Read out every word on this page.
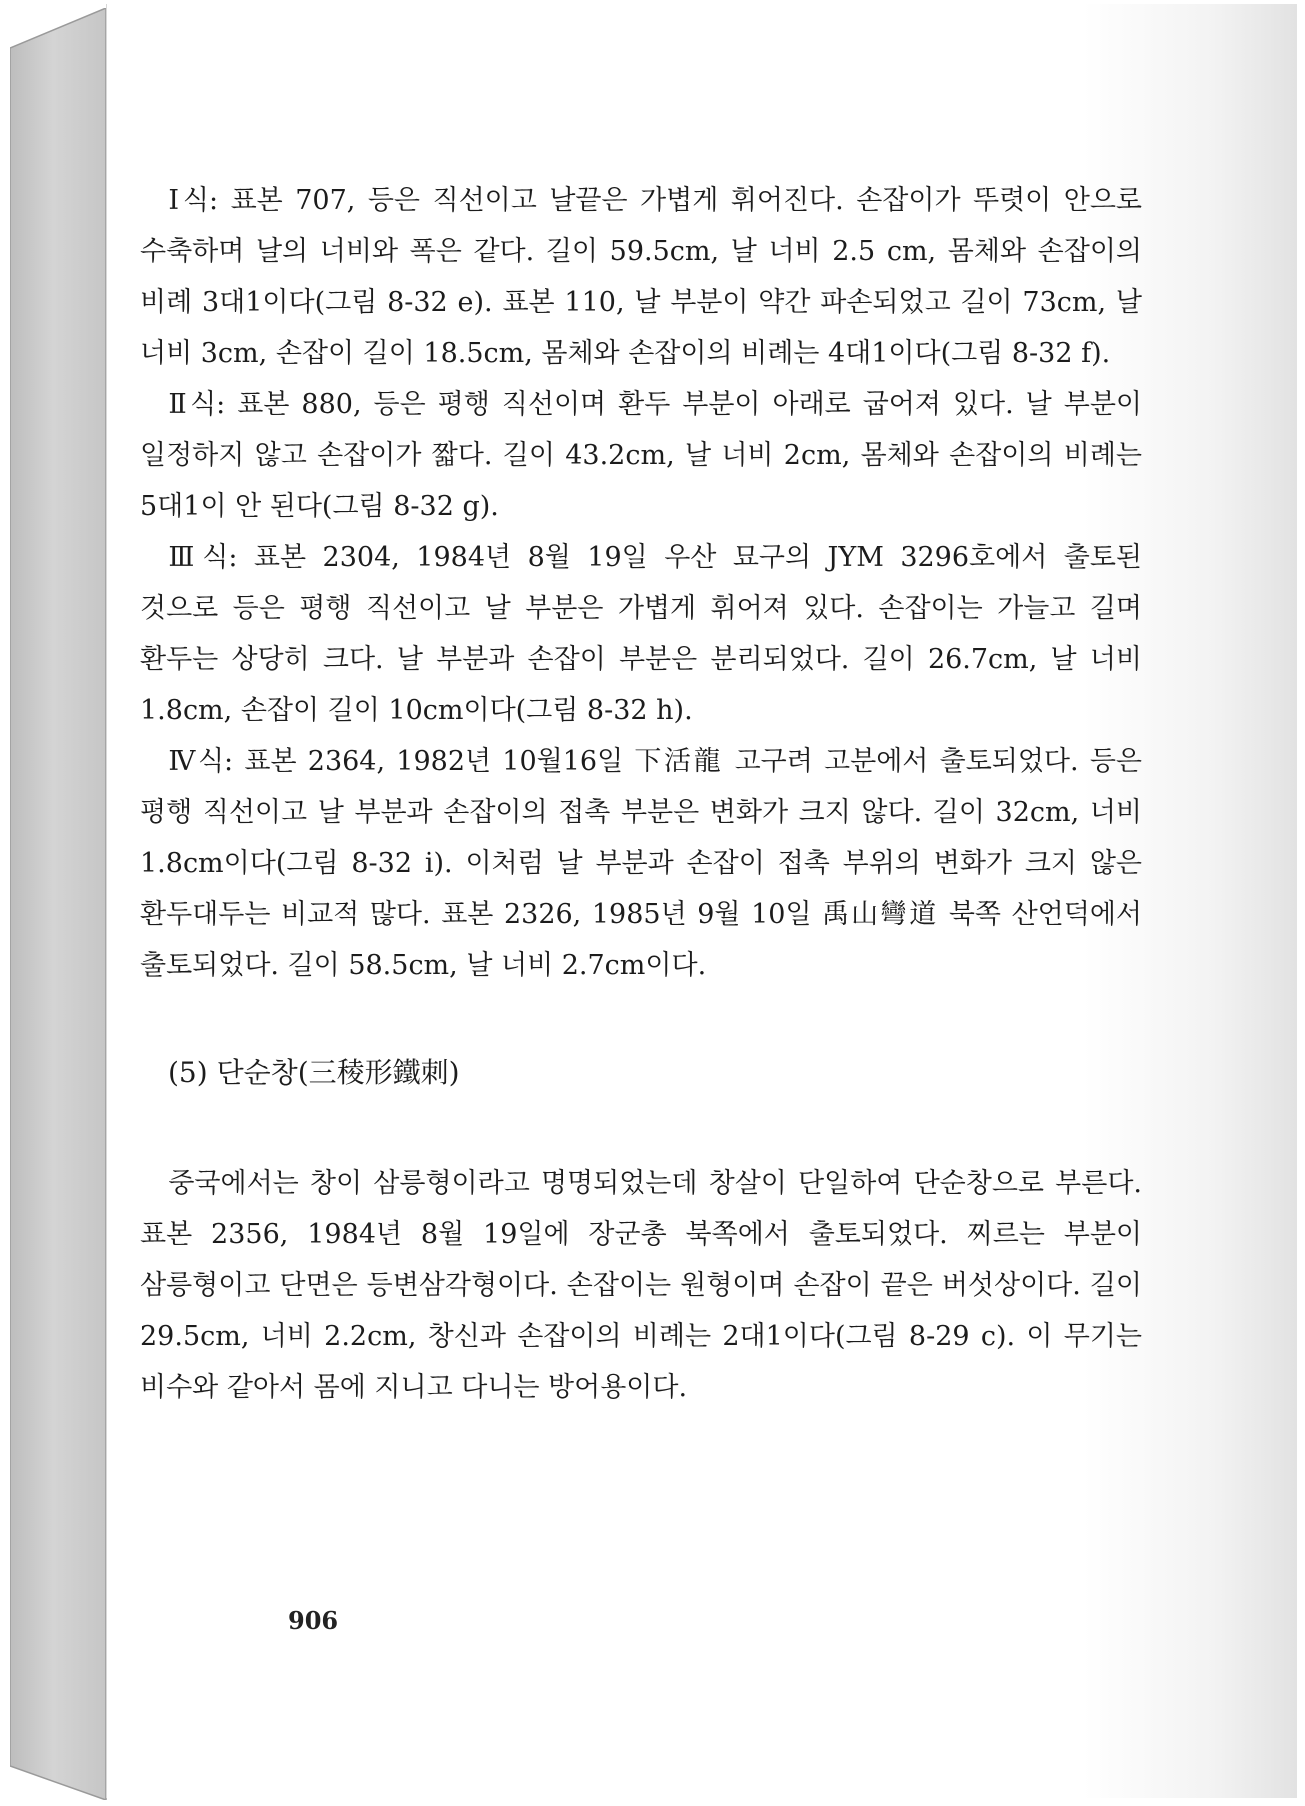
Ⅰ식: 표본 707, 등은 직선이고 날끝은 가볍게 휘어진다. 손잡이가 뚜렷이 안으로 수축하며 날의 너비와 폭은 같다. 길이 59.5cm, 날 너비 2.5 cm, 몸체와 손잡이의 비례 3대1이다(그림 8-32 e). 표본 110, 날 부분이 약간 파손되었고 길이 73cm, 날 너비 3cm, 손잡이 길이 18.5cm, 몸체와 손잡이의 비례는 4대1이다(그림 8-32 f).

Ⅱ식: 표본 880, 등은 평행 직선이며 환두 부분이 아래로 굽어져 있다. 날 부분이 일정하지 않고 손잡이가 짧다. 길이 43.2cm, 날 너비 2cm, 몸체와 손잡이의 비례는 5대1이 안 된다(그림 8-32 g).

Ⅲ식: 표본 2304, 1984년 8월 19일 우산 묘구의 JYM 3296호에서 출토된 것으로 등은 평행 직선이고 날 부분은 가볍게 휘어져 있다. 손잡이는 가늘고 길며 환두는 상당히 크다. 날 부분과 손잡이 부분은 분리되었다. 길이 26.7cm, 날 너비 1.8cm, 손잡이 길이 10cm이다(그림 8-32 h).

Ⅳ식: 표본 2364, 1982년 10월16일 下活龍 고구려 고분에서 출토되었다. 등은 평행 직선이고 날 부분과 손잡이의 접촉 부분은 변화가 크지 않다. 길이 32cm, 너비 1.8cm이다(그림 8-32 i). 이처럼 날 부분과 손잡이 접촉 부위의 변화가 크지 않은 환두대두는 비교적 많다. 표본 2326, 1985년 9월 10일 禹山彎道 북쪽 산언덕에서 출토되었다. 길이 58.5cm, 날 너비 2.7cm이다.

(5) 단순창(三稜形鐵刺)

중국에서는 창이 삼릉형이라고 명명되었는데 창살이 단일하여 단순창으로 부른다. 표본 2356, 1984년 8월 19일에 장군총 북쪽에서 출토되었다. 찌르는 부분이 삼릉형이고 단면은 등변삼각형이다. 손잡이는 원형이며 손잡이 끝은 버섯상이다. 길이 29.5cm, 너비 2.2cm, 창신과 손잡이의 비례는 2대1이다(그림 8-29 c). 이 무기는 비수와 같아서 몸에 지니고 다니는 방어용이다.

906
